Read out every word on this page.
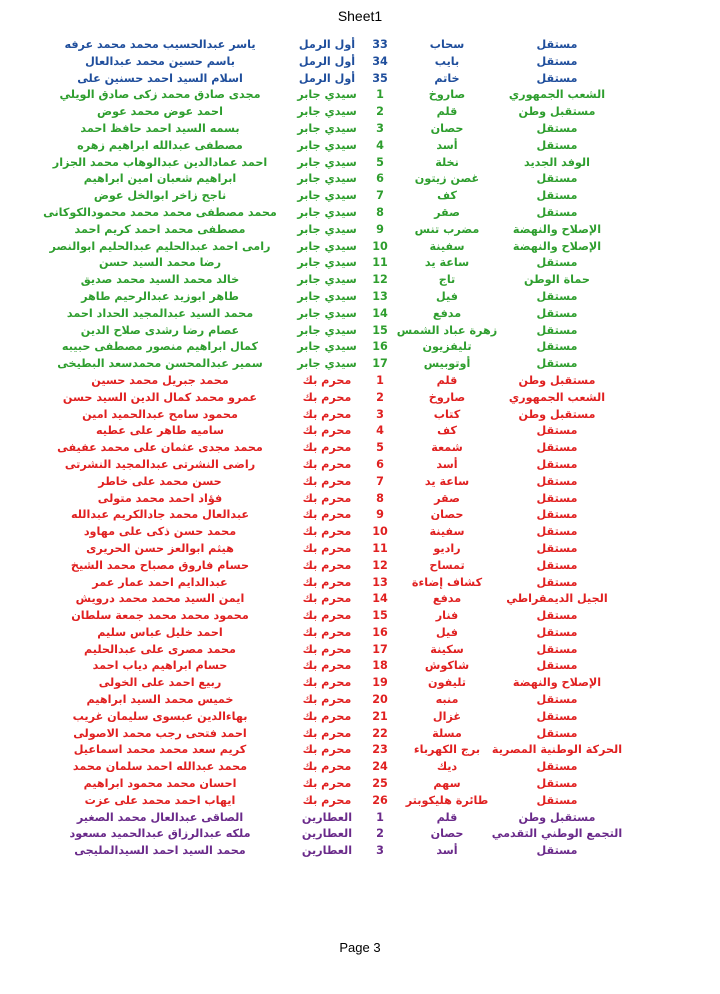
Sheet1
مستقل
سحاب
33
أول الرمل
ياسر عبدالحسيب محمد محمد عرفه
مستقل
بايب
34
أول الرمل
باسم حسين محمد عبدالعال
مستقل
خاتم
35
أول الرمل
اسلام السيد احمد حسنين على
الشعب الجمهوري
صاروخ
1
سيدي جابر
مجدى صادق محمد زكى صادق الويلي
مستقبل وطن
قلم
2
سيدي جابر
احمد عوض محمد عوض
مستقل
حصان
3
سيدي جابر
بسمه السيد احمد حافظ احمد
مستقل
أسد
4
سيدي جابر
مصطفى عبدالله ابراهيم زهره
الوفد الجديد
نخلة
5
سيدي جابر
احمد عمادالدين عبدالوهاب محمد الجزار
مستقل
غصن زيتون
6
سيدي جابر
ابراهيم شعبان امين ابراهيم
مستقل
كف
7
سيدي جابر
ناجح زاخر ابوالخل عوض
مستقل
صقر
8
سيدي جابر
محمد مصطفى محمد محمد محمودالكوكانى
الإصلاح والنهضة
مضرب تنس
9
سيدي جابر
مصطفى محمد احمد كريم احمد
الإصلاح والنهضة
سفينة
10
سيدي جابر
رامى احمد عبدالحليم عبدالحليم ابوالنصر
مستقل
ساعة يد
11
سيدي جابر
رضا محمد السيد حسن
حماة الوطن
تاج
12
سيدي جابر
خالد محمد السيد محمد صديق
مستقل
فيل
13
سيدي جابر
طاهر ابوزيد عبدالرحيم طاهر
مستقل
مدفع
14
سيدي جابر
محمد السيد عبدالمجيد الحداد احمد
مستقل
زهرة عباد الشمس
15
سيدي جابر
عصام رضا رشدى صلاح الدين
مستقل
تليفزيون
16
سيدي جابر
كمال ابراهيم منصور مصطفى حبيبه
مستقل
أوتوبيس
17
سيدي جابر
سمير عبدالمحسن محمدسعد البطيخى
مستقبل وطن
قلم
1
محرم بك
محمد جبريل محمد حسين
الشعب الجمهوري
صاروخ
2
محرم بك
عمرو محمد كمال الدين السيد حسن
مستقبل وطن
كتاب
3
محرم بك
محمود سامح عبدالحميد امين
مستقل
كف
4
محرم بك
ساميه طاهر على عطيه
مستقل
شمعة
5
محرم بك
محمد مجدى عثمان على محمد عفيفى
مستقل
أسد
6
محرم بك
راضى النشرتى عبدالمجيد النشرتى
مستقل
ساعة يد
7
محرم بك
حسن محمد على خاطر
مستقل
صقر
8
محرم بك
فؤاد احمد محمد متولى
مستقل
حصان
9
محرم بك
عبدالعال محمد جادالكريم عبدالله
مستقل
سفينة
10
محرم بك
محمد حسن ذكى على مهاود
مستقل
راديو
11
محرم بك
هيثم ابوالعز حسن الحريرى
مستقل
تمساح
12
محرم بك
حسام فاروق مصباح محمد الشيخ
مستقل
كشاف إضاءة
13
محرم بك
عبدالدايم احمد عمار عمر
الجيل الديمقراطي
مدفع
14
محرم بك
ايمن السيد محمد محمد درويش
مستقل
فنار
15
محرم بك
محمود محمد محمد جمعة سلطان
مستقل
فيل
16
محرم بك
احمد خليل عباس سليم
مستقل
سكينة
17
محرم بك
محمد مصرى على عبدالحليم
مستقل
شاكوش
18
محرم بك
حسام ابراهيم دياب احمد
الإصلاح والنهضة
تليفون
19
محرم بك
ربيع احمد على الخولى
مستقل
منبه
20
محرم بك
خميس محمد السيد ابراهيم
مستقل
غزال
21
محرم بك
بهاءالدين عبسوى سليمان غريب
مستقل
مسلة
22
محرم بك
احمد فتحى رجب محمد الاصولى
الحركة الوطنية المصرية
برج الكهرباء
23
محرم بك
كريم سعد محمد محمد اسماعيل
مستقل
ديك
24
محرم بك
محمد عبدالله احمد سلمان محمد
مستقل
سهم
25
محرم بك
احسان محمد محمود ابراهيم
مستقل
طائرة هليكوبتر
26
محرم بك
ايهاب احمد محمد على عزت
مستقبل وطن
قلم
1
العطارين
الصاقى عبدالعال محمد الصغير
التجمع الوطني التقدمي
حصان
2
العطارين
ملكه عبدالرزاق عبدالحميد مسعود
مستقل
أسد
3
العطارين
محمد السيد احمد السيدالمليجى
Page 3
